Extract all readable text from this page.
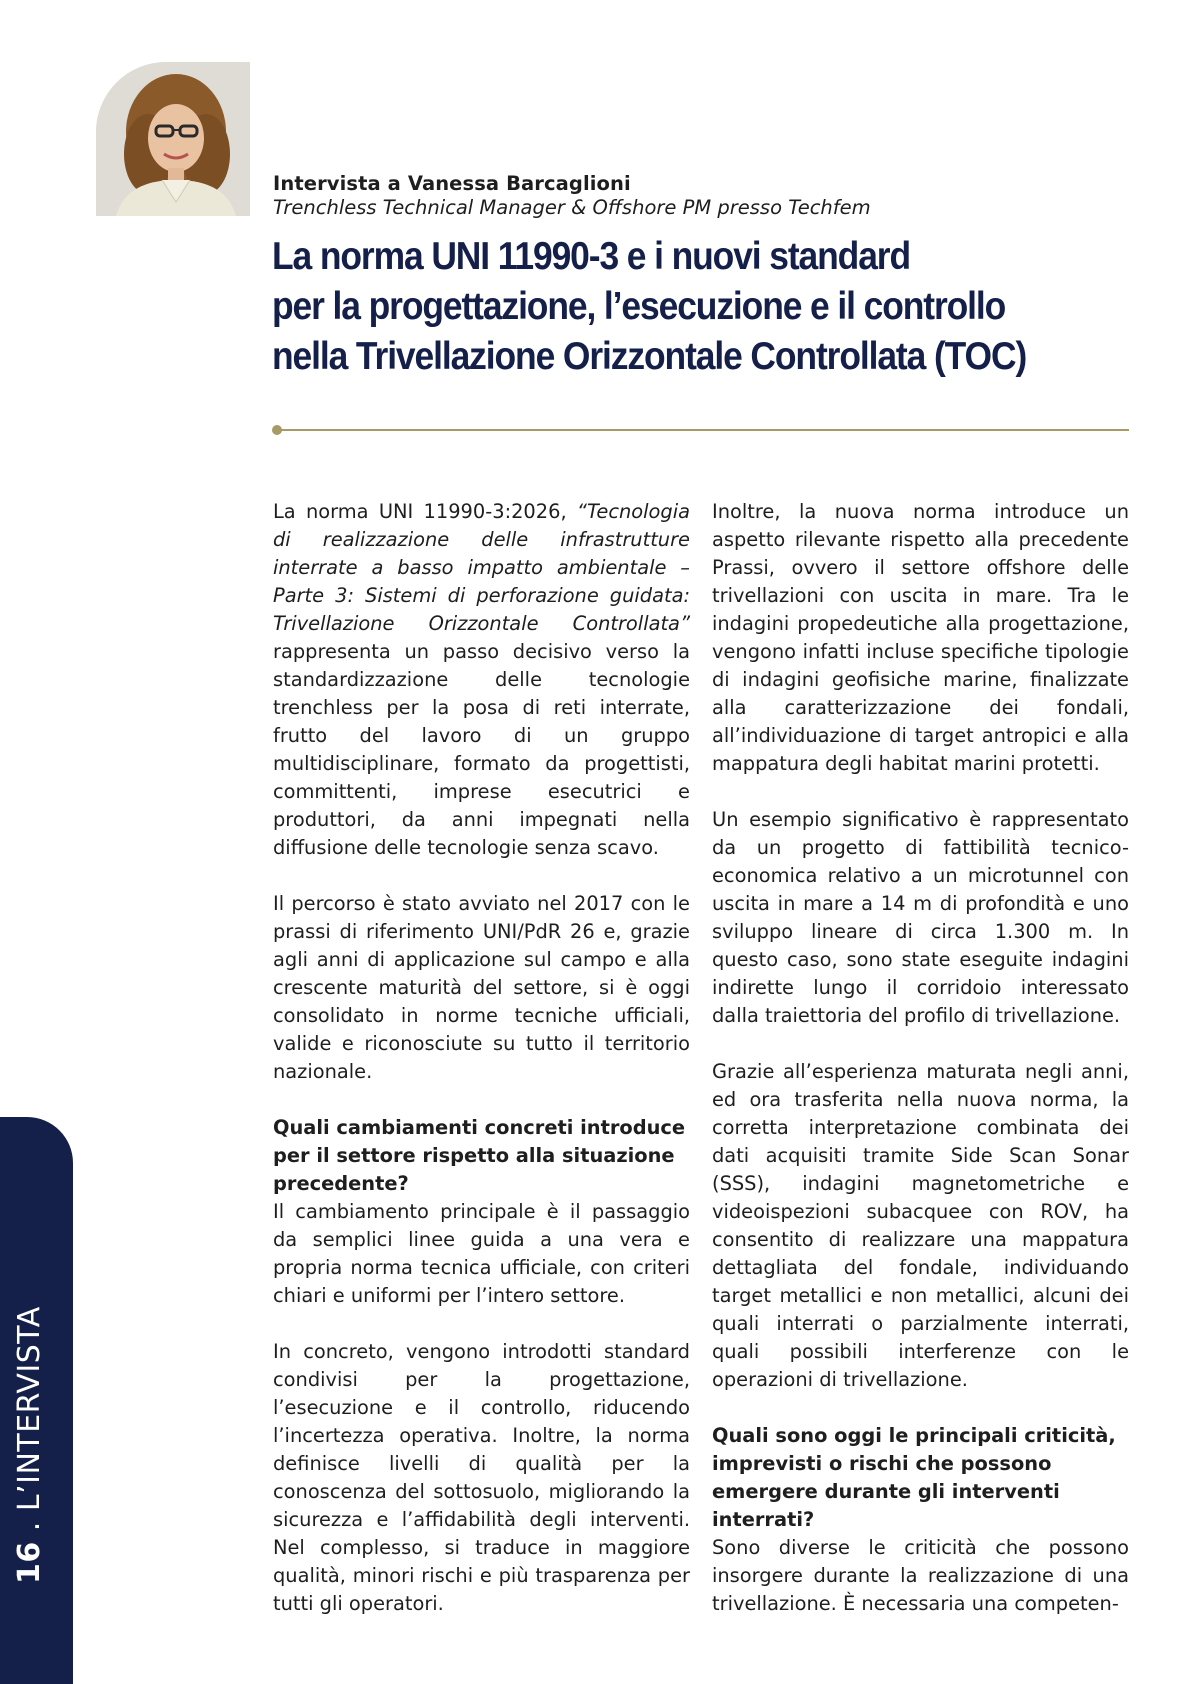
Intervista a Vanessa Barcaglioni
Trenchless Technical Manager & Offshore PM presso Techfem
La norma UNI 11990-3 e i nuovi standard
per la progettazione, l’esecuzione e il controllo
nella Trivellazione Orizzontale Controllata (TOC)

La norma UNI 11990-3:2026, “Tecnologia di realizzazione delle infrastrutture interrate a basso impatto ambientale – Parte 3: Sistemi di perforazione guidata: Trivellazione Orizzontale Controllata” rappresenta un passo decisivo verso la standardizzazione delle tecnologie trenchless per la posa di reti interrate, frutto del lavoro di un gruppo multidisciplinare, formato da progettisti, committenti, imprese esecutrici e produttori, da anni impegnati nella diffusione delle tecnologie senza scavo.

Il percorso è stato avviato nel 2017 con le prassi di riferimento UNI/PdR 26 e, grazie agli anni di applicazione sul campo e alla crescente maturità del settore, si è oggi consolidato in norme tecniche ufficiali, valide e riconosciute su tutto il territorio nazionale.

Quali cambiamenti concreti introduce per il settore rispetto alla situazione precedente?

Il cambiamento principale è il passaggio da semplici linee guida a una vera e propria norma tecnica ufficiale, con criteri chiari e uniformi per l’intero settore.

In concreto, vengono introdotti standard condivisi per la progettazione, l’esecuzione e il controllo, riducendo l’incertezza operativa. Inoltre, la norma definisce livelli di qualità per la conoscenza del sottosuolo, migliorando la sicurezza e l’affidabilità degli interventi. Nel complesso, si traduce in maggiore qualità, minori rischi e più trasparenza per tutti gli operatori.

Inoltre, la nuova norma introduce un aspetto rilevante rispetto alla precedente Prassi, ovvero il settore offshore delle trivellazioni con uscita in mare. Tra le indagini propedeutiche alla progettazione, vengono infatti incluse specifiche tipologie di indagini geofisiche marine, finalizzate alla caratterizzazione dei fondali, all’individuazione di target antropici e alla mappatura degli habitat marini protetti.

Un esempio significativo è rappresentato da un progetto di fattibilità tecnico-economica relativo a un microtunnel con uscita in mare a 14 m di profondità e uno sviluppo lineare di circa 1.300 m. In questo caso, sono state eseguite indagini indirette lungo il corridoio interessato dalla traiettoria del profilo di trivellazione.

Grazie all’esperienza maturata negli anni, ed ora trasferita nella nuova norma, la corretta interpretazione combinata dei dati acquisiti tramite Side Scan Sonar (SSS), indagini magnetometriche e videoispezioni subacquee con ROV, ha consentito di realizzare una mappatura dettagliata del fondale, individuando target metallici e non metallici, alcuni dei quali interrati o parzialmente interrati, quali possibili interferenze con le operazioni di trivellazione.

Quali sono oggi le principali criticità, imprevisti o rischi che possono emergere durante gli interventi interrati?

Sono diverse le criticità che possono insorgere durante la realizzazione di una trivellazione. È necessaria una competen-

16 . L’INTERVISTA
